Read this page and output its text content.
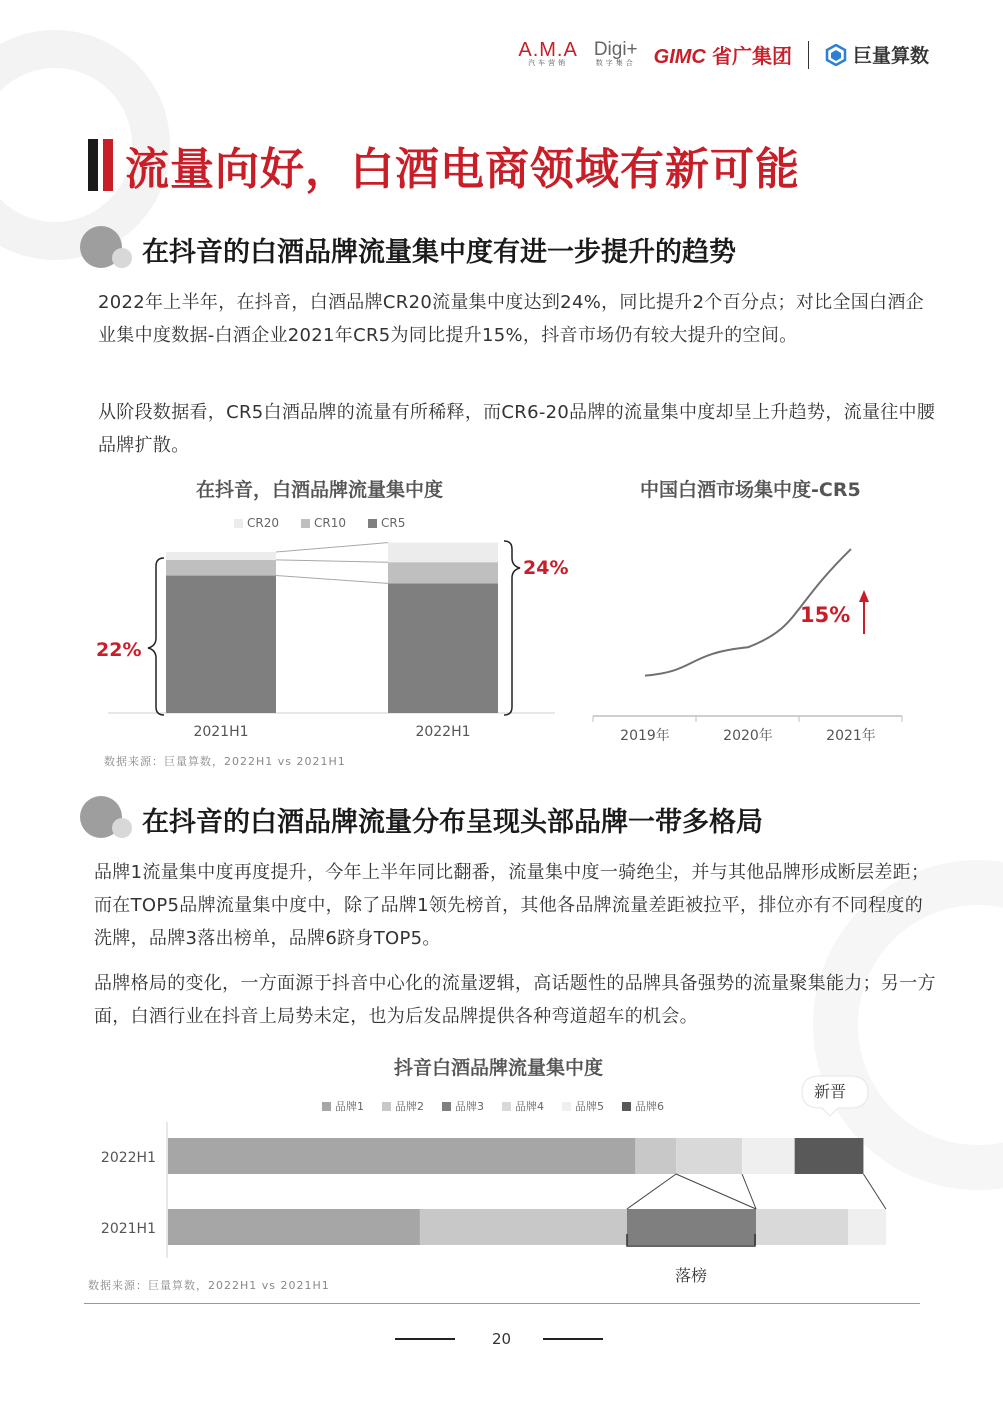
A.M.A
汽车营销
Digi+
数字集合 GIMC 省广集团	巨量算数
流量向好，白酒电商领域有新可能
在抖音的白酒品牌流量集中度有进一步提升的趋势

2022年上半年，在抖音，白酒品牌CR20流量集中度达到24%，同比提升2个百分点；对比全国白酒企业集中度数据-白酒企业2021年CR5为同比提升15%，抖音市场仍有较大提升的空间。

从阶段数据看，CR5白酒品牌的流量有所稀释，而CR6-20品牌的流量集中度却呈上升趋势，流量往中腰品牌扩散。

在抖音，白酒品牌流量集中度
CR20	CR10	CR5
22%
24%
2021H1	2022H1
数据来源：巨量算数，2022H1 vs 2021H1
中国白酒市场集中度-CR5
15%
2019年	2020年	2021年
在抖音的白酒品牌流量分布呈现头部品牌一带多格局

品牌1流量集中度再度提升，今年上半年同比翻番，流量集中度一骑绝尘，并与其他品牌形成断层差距；而在TOP5品牌流量集中度中，除了品牌1领先榜首，其他各品牌流量差距被拉平，排位亦有不同程度的洗牌，品牌3落出榜单，品牌6跻身TOP5。

品牌格局的变化，一方面源于抖音中心化的流量逻辑，高话题性的品牌具备强势的流量聚集能力；另一方面，白酒行业在抖音上局势未定，也为后发品牌提供各种弯道超车的机会。

抖音白酒品牌流量集中度
品牌1	品牌2	品牌3	品牌4	品牌5	品牌6
2022H1
2021H1
新晋
落榜
数据来源：巨量算数，2022H1 vs 2021H1
20
